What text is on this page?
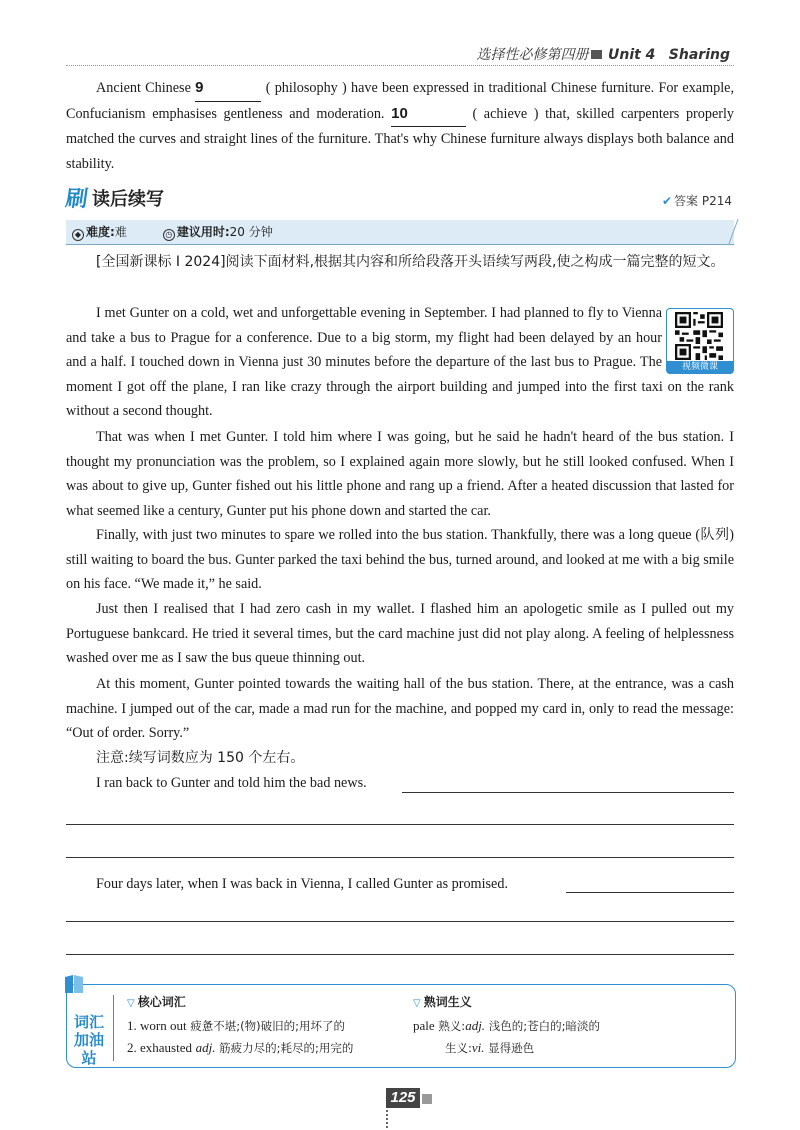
选择性必修第四册 Unit 4 Sharing
Ancient Chinese 9	( philosophy ) have been expressed in traditional Chinese furniture. For example, Confucianism emphasises gentleness and moderation. 10	( achieve ) that, skilled carpenters properly matched the curves and straight lines of the furniture. That's why Chinese furniture always displays both balance and stability.
刷 读后续写	✔ 答案 P214
◆ 难度:难	◷ 建议用时:20 分钟
[全国新课标 I 2024]阅读下面材料,根据其内容和所给段落开头语续写两段,使之构成一篇完整的短文。
视频微课
I met Gunter on a cold, wet and unforgettable evening in September. I had planned to fly to Vienna and take a bus to Prague for a conference. Due to a big storm, my flight had been delayed by an hour and a half. I touched down in Vienna just 30 minutes before the departure of the last bus to Prague. The moment I got off the plane, I ran like crazy through the airport building and jumped into the first taxi on the rank without a second thought.
That was when I met Gunter. I told him where I was going, but he said he hadn't heard of the bus station. I thought my pronunciation was the problem, so I explained again more slowly, but he still looked confused. When I was about to give up, Gunter fished out his little phone and rang up a friend. After a heated discussion that lasted for what seemed like a century, Gunter put his phone down and started the car.
Finally, with just two minutes to spare we rolled into the bus station. Thankfully, there was a long queue (队列) still waiting to board the bus. Gunter parked the taxi behind the bus, turned around, and looked at me with a big smile on his face. “We made it,” he said.
Just then I realised that I had zero cash in my wallet. I flashed him an apologetic smile as I pulled out my Portuguese bankcard. He tried it several times, but the card machine just did not play along. A feeling of helplessness washed over me as I saw the bus queue thinning out.
At this moment, Gunter pointed towards the waiting hall of the bus station. There, at the entrance, was a cash machine. I jumped out of the car, made a mad run for the machine, and popped my card in, only to read the message: “Out of order. Sorry.”
注意:续写词数应为 150 个左右。
I ran back to Gunter and told him the bad news.
Four days later, when I was back in Vienna, I called Gunter as promised.
词汇加油站
▽ 核心词汇
1. worn out 疲惫不堪;(物)破旧的;用坏了的
2. exhausted adj. 筋疲力尽的;耗尽的;用完的
▽ 熟词生义
pale 熟义:adj. 浅色的;苍白的;暗淡的
生义:vi. 显得逊色
125
